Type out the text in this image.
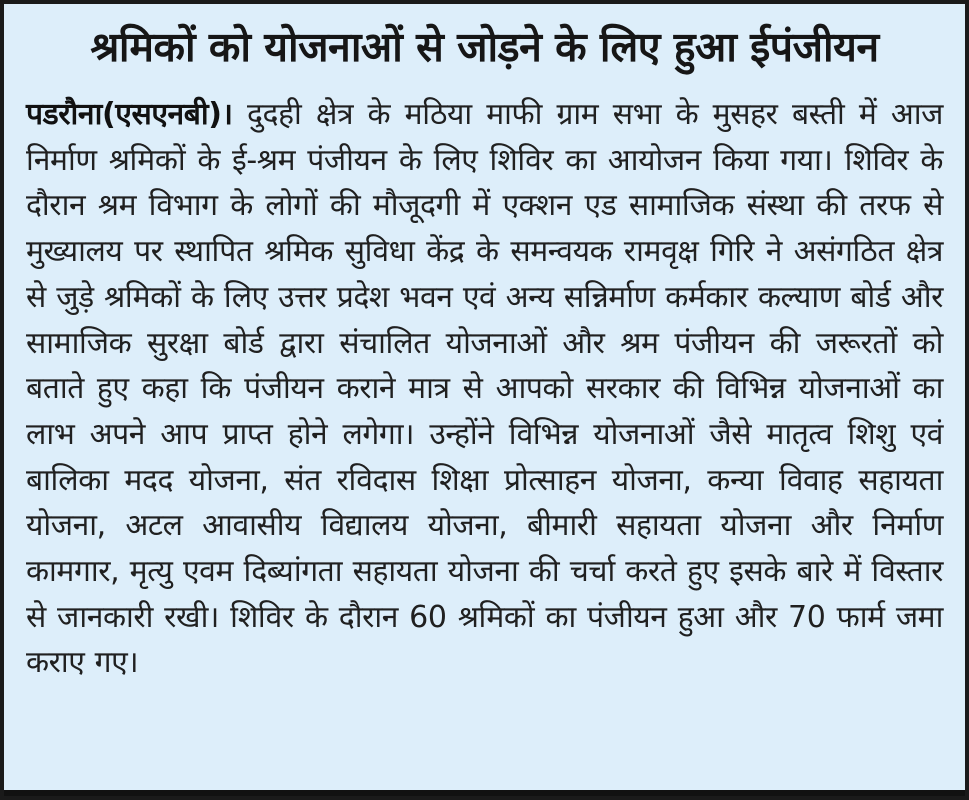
श्रमिकों को योजनाओं से जोड़ने के लिए हुआ ईपंजीयन
पडरौना(एसएनबी)। दुदही क्षेत्र के मठिया माफी ग्राम सभा के मुसहर बस्ती में आज निर्माण श्रमिकों के ई-श्रम पंजीयन के लिए शिविर का आयोजन किया गया। शिविर के दौरान श्रम विभाग के लोगों की मौजूदगी में एक्शन एड सामाजिक संस्था की तरफ से मुख्यालय पर स्थापित श्रमिक सुविधा केंद्र के समन्वयक रामवृक्ष गिरि ने असंगठित क्षेत्र से जुड़े श्रमिकों के लिए उत्तर प्रदेश भवन एवं अन्य सन्निर्माण कर्मकार कल्याण बोर्ड और सामाजिक सुरक्षा बोर्ड द्वारा संचालित योजनाओं और श्रम पंजीयन की जरूरतों को बताते हुए कहा कि पंजीयन कराने मात्र से आपको सरकार की विभिन्न योजनाओं का लाभ अपने आप प्राप्त होने लगेगा। उन्होंने विभिन्न योजनाओं जैसे मातृत्व शिशु एवं बालिका मदद योजना, संत रविदास शिक्षा प्रोत्साहन योजना, कन्या विवाह सहायता योजना, अटल आवासीय विद्यालय योजना, बीमारी सहायता योजना और निर्माण कामगार, मृत्यु एवम दिब्यांगता सहायता योजना की चर्चा करते हुए इसके बारे में विस्तार से जानकारी रखी। शिविर के दौरान 60 श्रमिकों का पंजीयन हुआ और 70 फार्म जमा कराए गए।
